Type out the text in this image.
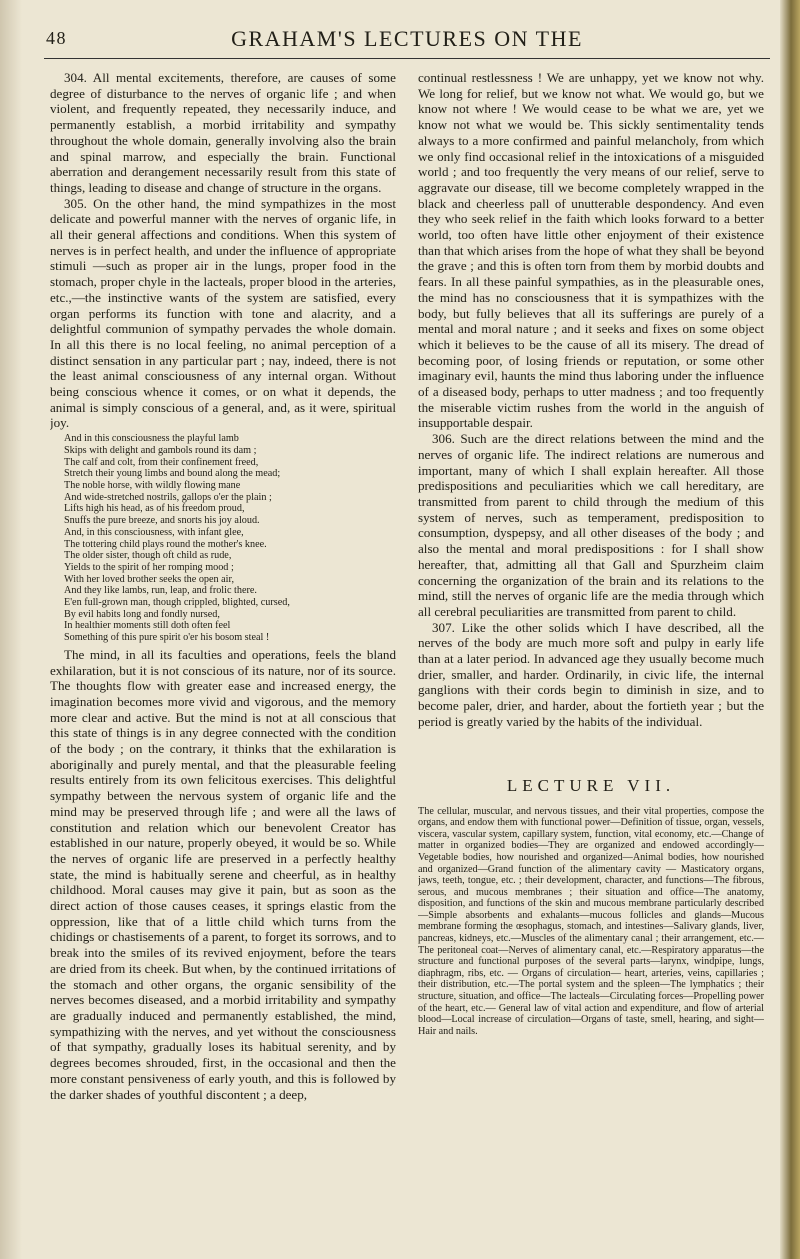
48	GRAHAM'S LECTURES ON THE

304. All mental excitements, therefore, are causes of some degree of disturbance to the nerves of organic life ; and when violent, and frequently repeated, they necessarily induce, and permanently establish, a morbid irritability and sympathy throughout the whole domain, generally involving also the brain and spinal marrow, and especially the brain. Functional aberration and derangement necessarily result from this state of things, leading to disease and change of structure in the organs.

305. On the other hand, the mind sympathizes in the most delicate and powerful manner with the nerves of organic life, in all their general affections and conditions. When this system of nerves is in perfect health, and under the influence of appropriate stimuli —such as proper air in the lungs, proper food in the stomach, proper chyle in the lacteals, proper blood in the arteries, etc.,—the instinctive wants of the system are satisfied, every organ performs its function with tone and alacrity, and a delightful communion of sympathy pervades the whole domain. In all this there is no local feeling, no animal perception of a distinct sensation in any particular part ; nay, indeed, there is not the least animal consciousness of any internal organ. Without being conscious whence it comes, or on what it depends, the animal is simply conscious of a general, and, as it were, spiritual joy.

And in this consciousness the playful lamb
Skips with delight and gambols round its dam ;
The calf and colt, from their confinement freed,
Stretch their young limbs and bound along the mead;
The noble horse, with wildly flowing mane
And wide-stretched nostrils, gallops o'er the plain ;
Lifts high his head, as of his freedom proud,
Snuffs the pure breeze, and snorts his joy aloud.
And, in this consciousness, with infant glee,
The tottering child plays round the mother's knee.
The older sister, though oft child as rude,
Yields to the spirit of her romping mood ;
With her loved brother seeks the open air,
And they like lambs, run, leap, and frolic there.
E'en full-grown man, though crippled, blighted, cursed,
By evil habits long and fondly nursed,
In healthier moments still doth often feel
Something of this pure spirit o'er his bosom steal !

The mind, in all its faculties and operations, feels the bland exhilaration, but it is not conscious of its nature, nor of its source. The thoughts flow with greater ease and increased energy, the imagination becomes more vivid and vigorous, and the memory more clear and active. But the mind is not at all conscious that this state of things is in any degree connected with the condition of the body ; on the contrary, it thinks that the exhilaration is aboriginally and purely mental, and that the pleasurable feeling results entirely from its own felicitous exercises. This delightful sympathy between the nervous system of organic life and the mind may be preserved through life ; and were all the laws of constitution and relation which our benevolent Creator has established in our nature, properly obeyed, it would be so. While the nerves of organic life are preserved in a perfectly healthy state, the mind is habitually serene and cheerful, as in healthy childhood. Moral causes may give it pain, but as soon as the direct action of those causes ceases, it springs elastic from the oppression, like that of a little child which turns from the chidings or chastisements of a parent, to forget its sorrows, and to break into the smiles of its revived enjoyment, before the tears are dried from its cheek. But when, by the continued irritations of the stomach and other organs, the organic sensibility of the nerves becomes diseased, and a morbid irritability and sympathy are gradually induced and permanently established, the mind, sympathizing with the nerves, and yet without the consciousness of that sympathy, gradually loses its habitual serenity, and by degrees becomes shrouded, first, in the occasional and then the more constant pensiveness of early youth, and this is followed by the darker shades of youthful discontent ; a deep,

continual restlessness ! We are unhappy, yet we know not why. We long for relief, but we know not what. We would go, but we know not where ! We would cease to be what we are, yet we know not what we would be. This sickly sentimentality tends always to a more confirmed and painful melancholy, from which we only find occasional relief in the intoxications of a misguided world ; and too frequently the very means of our relief, serve to aggravate our disease, till we become completely wrapped in the black and cheerless pall of unutterable despondency. And even they who seek relief in the faith which looks forward to a better world, too often have little other enjoyment of their existence than that which arises from the hope of what they shall be beyond the grave ; and this is often torn from them by morbid doubts and fears. In all these painful sympathies, as in the pleasurable ones, the mind has no consciousness that it is sympathizes with the body, but fully believes that all its sufferings are purely of a mental and moral nature ; and it seeks and fixes on some object which it believes to be the cause of all its misery. The dread of becoming poor, of losing friends or reputation, or some other imaginary evil, haunts the mind thus laboring under the influence of a diseased body, perhaps to utter madness ; and too frequently the miserable victim rushes from the world in the anguish of insupportable despair.

306. Such are the direct relations between the mind and the nerves of organic life. The indirect relations are numerous and important, many of which I shall explain hereafter. All those predispositions and peculiarities which we call hereditary, are transmitted from parent to child through the medium of this system of nerves, such as temperament, predisposition to consumption, dyspepsy, and all other diseases of the body ; and also the mental and moral predispositions : for I shall show hereafter, that, admitting all that Gall and Spurzheim claim concerning the organization of the brain and its relations to the mind, still the nerves of organic life are the media through which all cerebral peculiarities are transmitted from parent to child.

307. Like the other solids which I have described, all the nerves of the body are much more soft and pulpy in early life than at a later period. In advanced age they usually become much drier, smaller, and harder. Ordinarily, in civic life, the internal ganglions with their cords begin to diminish in size, and to become paler, drier, and harder, about the fortieth year ; but the period is greatly varied by the habits of the individual.

LECTURE VII.

The cellular, muscular, and nervous tissues, and their vital properties, compose the organs, and endow them with functional power—Definition of tissue, organ, vessels, viscera, vascular system, capillary system, function, vital economy, etc.—Change of matter in organized bodies—They are organized and endowed accordingly—Vegetable bodies, how nourished and organized—Animal bodies, how nourished and organized—Grand function of the alimentary cavity — Masticatory organs, jaws, teeth, tongue, etc. ; their development, character, and functions—The fibrous, serous, and mucous membranes ; their situation and office—The anatomy, disposition, and functions of the skin and mucous membrane particularly described—Simple absorbents and exhalants—mucous follicles and glands—Mucous membrane forming the œsophagus, stomach, and intestines—Salivary glands, liver, pancreas, kidneys, etc.—Muscles of the alimentary canal ; their arrangement, etc.—The peritoneal coat—Nerves of alimentary canal, etc.—Respiratory apparatus—the structure and functional purposes of the several parts—larynx, windpipe, lungs, diaphragm, ribs, etc. — Organs of circulation— heart, arteries, veins, capillaries ; their distribution, etc.—The portal system and the spleen—The lymphatics ; their structure, situation, and office—The lacteals—Circulating forces—Propelling power of the heart, etc.— General law of vital action and expenditure, and flow of arterial blood—Local increase of circulation—Organs of taste, smell, hearing, and sight—Hair and nails.
